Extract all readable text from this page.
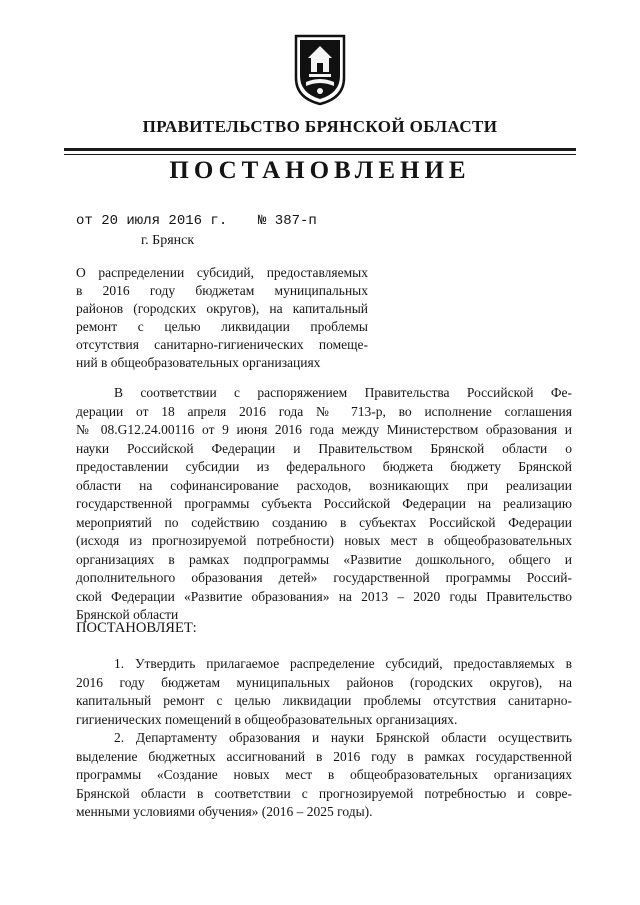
ПРАВИТЕЛЬСТВО БРЯНСКОЙ ОБЛАСТИ
ПОСТАНОВЛЕНИЕ
от 20 июля 2016 г. № 387-п
г. Брянск
О распределении субсидий, предоставляемых
в 2016 году бюджетам муниципальных
районов (городских округов), на капитальный
ремонт с целью ликвидации проблемы
отсутствия санитарно-гигиенических помеще-
ний в общеобразовательных организациях
В соответствии с распоряжением Правительства Российской Фе-
дерации от 18 апреля 2016 года № 713-р, во исполнение соглашения
№ 08.G12.24.00116 от 9 июня 2016 года между Министерством образования и
науки Российской Федерации и Правительством Брянской области о
предоставлении субсидии из федерального бюджета бюджету Брянской
области на софинансирование расходов, возникающих при реализации
государственной программы субъекта Российской Федерации на реализацию
мероприятий по содействию созданию в субъектах Российской Федерации
(исходя из прогнозируемой потребности) новых мест в общеобразовательных
организациях в рамках подпрограммы «Развитие дошкольного, общего и
дополнительного образования детей» государственной программы Россий-
ской Федерации «Развитие образования» на 2013 – 2020 годы Правительство
Брянской области
ПОСТАНОВЛЯЕТ:
1. Утвердить прилагаемое распределение субсидий, предоставляемых в
2016 году бюджетам муниципальных районов (городских округов), на
капитальный ремонт с целью ликвидации проблемы отсутствия санитарно-
гигиенических помещений в общеобразовательных организациях.
2. Департаменту образования и науки Брянской области осуществить
выделение бюджетных ассигнований в 2016 году в рамках государственной
программы «Создание новых мест в общеобразовательных организациях
Брянской области в соответствии с прогнозируемой потребностью и совре-
менными условиями обучения» (2016 – 2025 годы).
